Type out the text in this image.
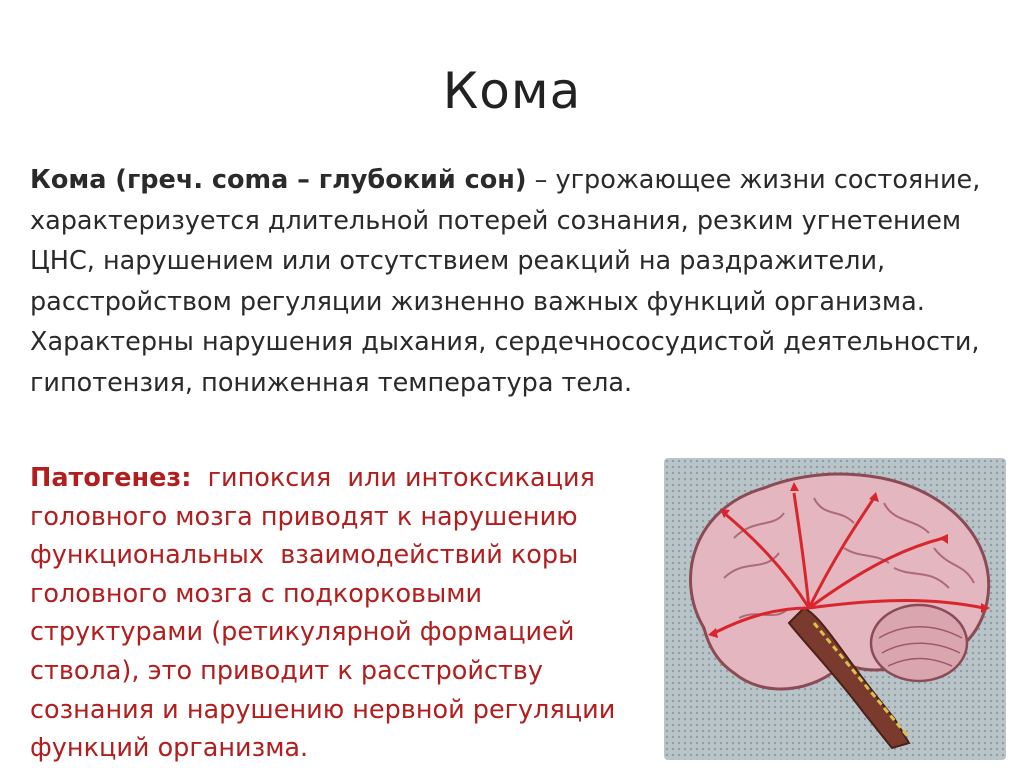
Кома
Кома (греч. coma – глубокий сон) – угрожающее жизни состояние, характеризуется длительной потерей сознания, резким угнетением ЦНС, нарушением или отсутствием реакций на раздражители, расстройством регуляции жизненно важных функций организма. Характерны нарушения дыхания, сердечнососудистой деятельности, гипотензия, пониженная температура тела.
Патогенез:  гипоксия  или интоксикация головного мозга приводят к нарушению функциональных  взаимодействий коры головного мозга с подкорковыми структурами (ретикулярной формацией ствола), это приводит к расстройству сознания и нарушению нервной регуляции функций организма.
